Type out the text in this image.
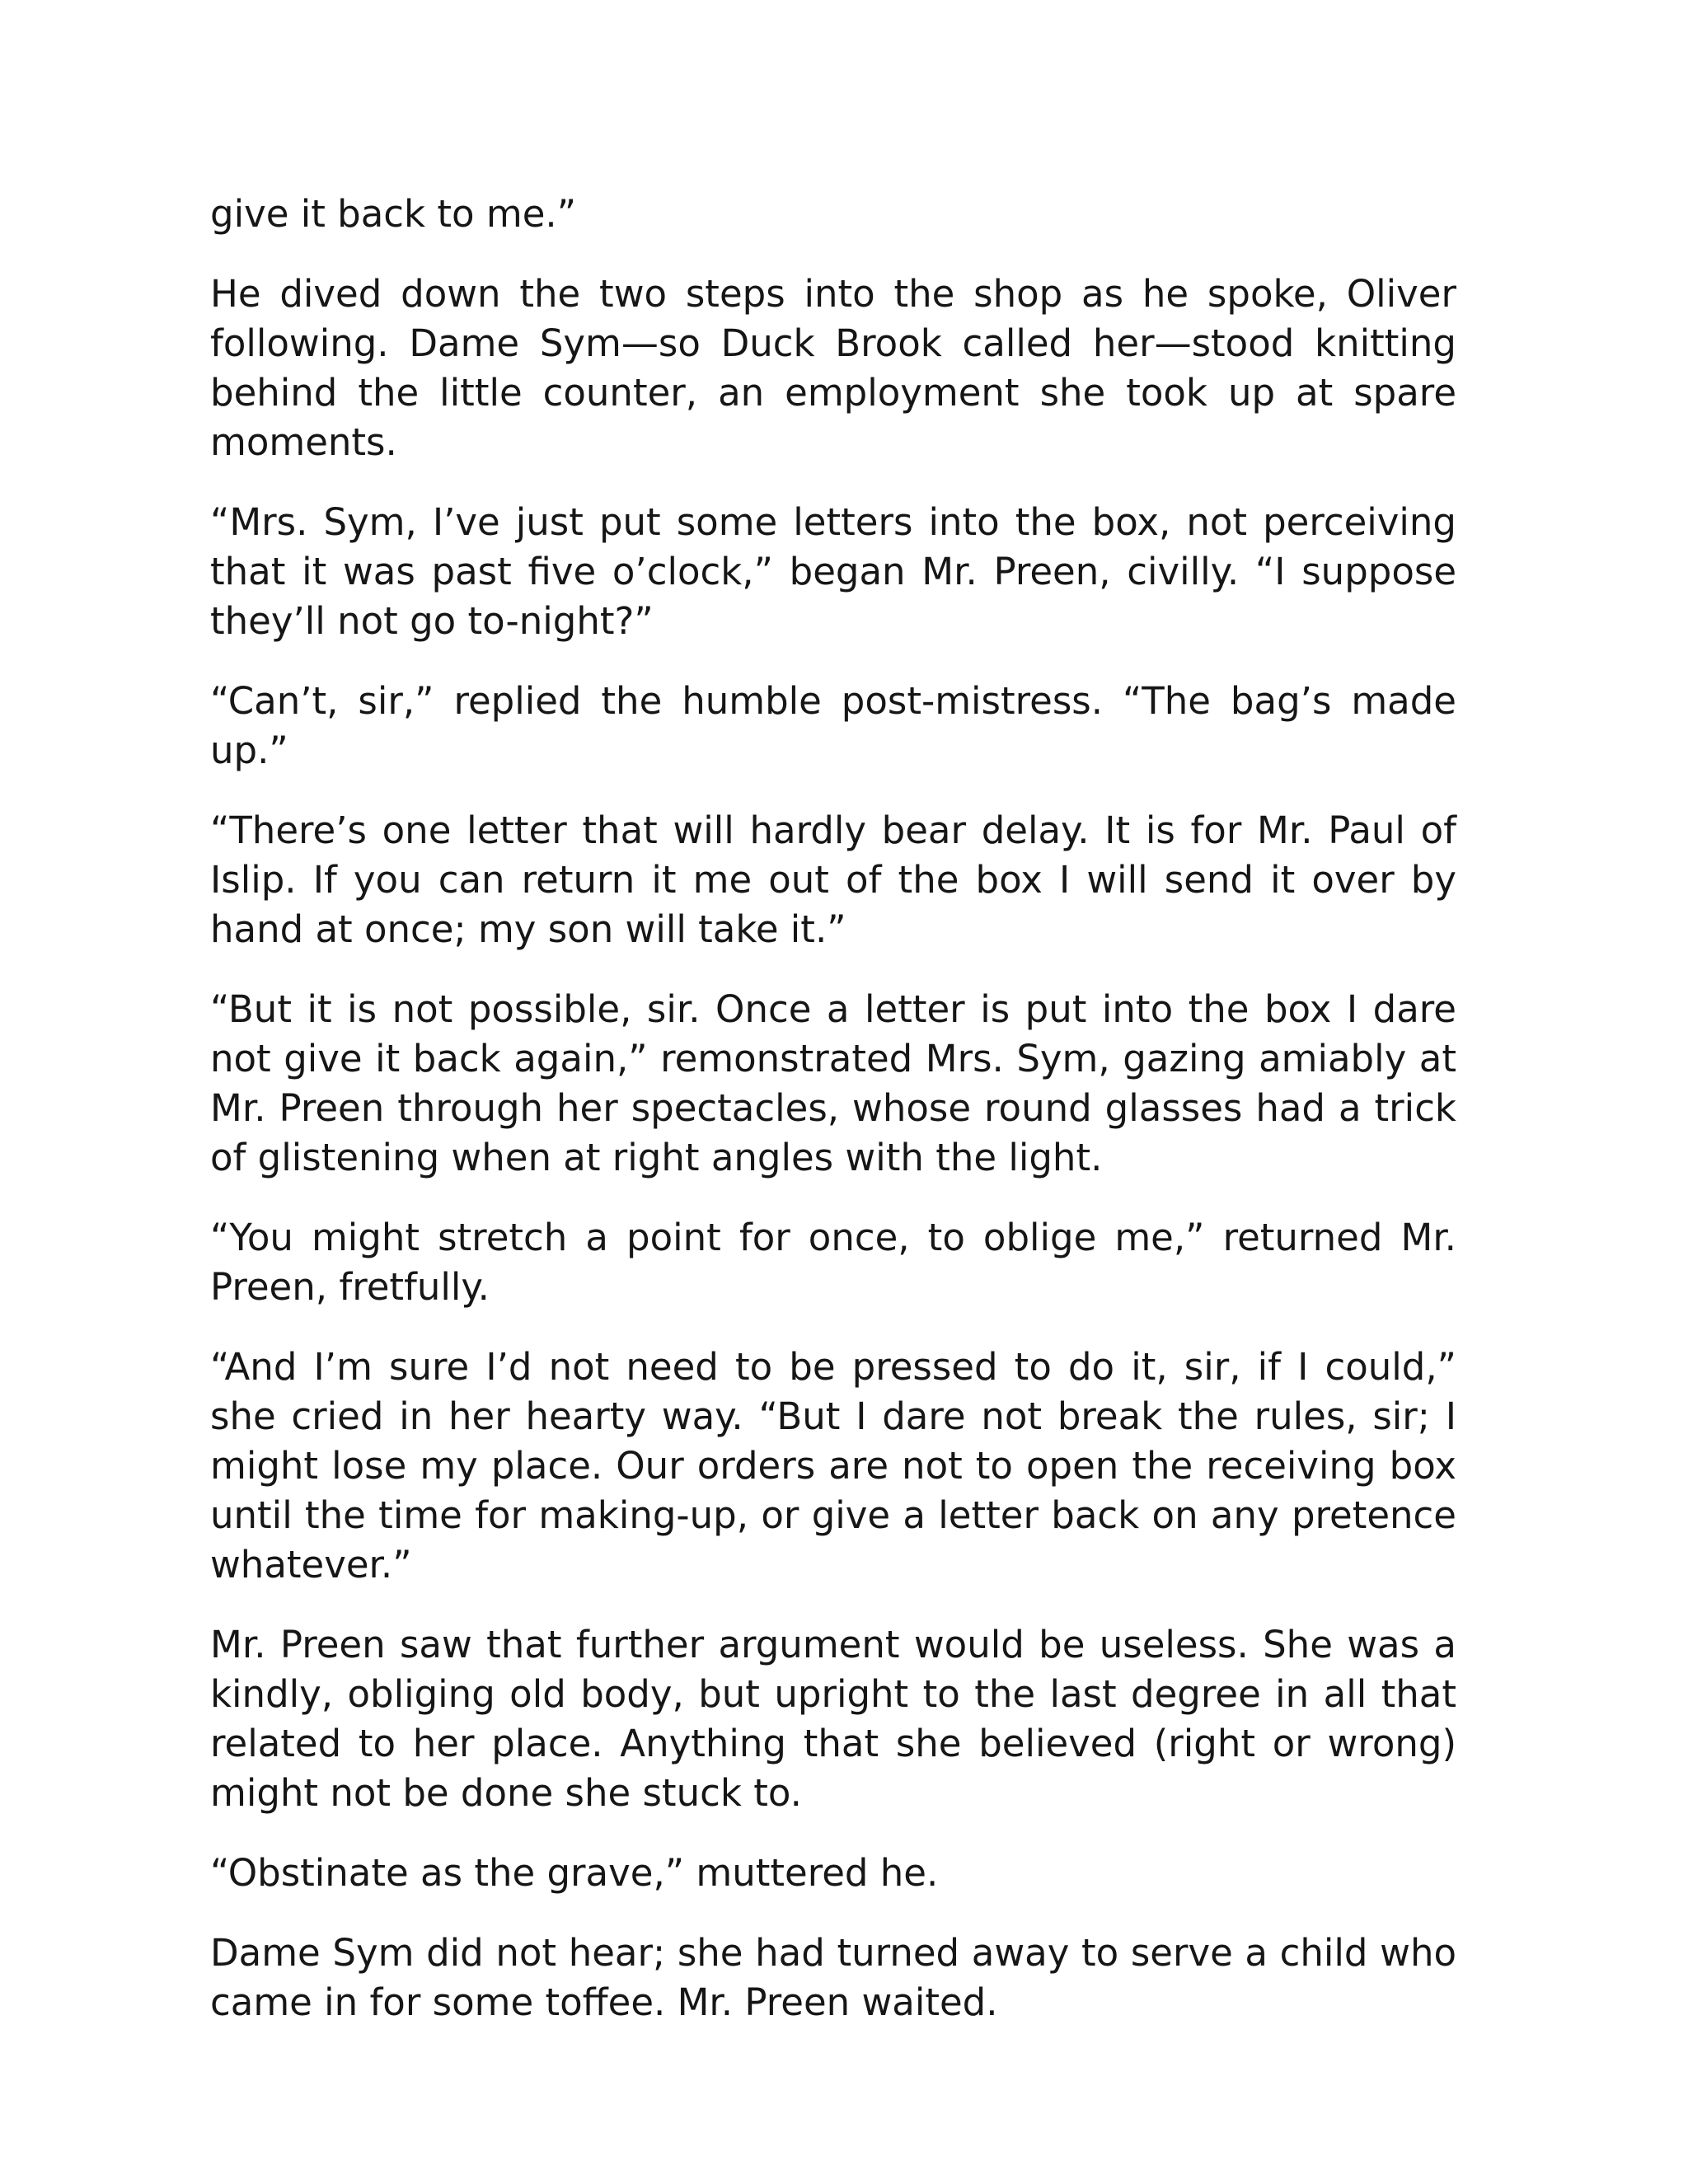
give it back to me.”

He dived down the two steps into the shop as he spoke, Oliver following. Dame Sym—so Duck Brook called her—stood knitting behind the little counter, an employment she took up at spare moments.

“Mrs. Sym, I’ve just put some letters into the box, not perceiving that it was past five o’clock,” began Mr. Preen, civilly. “I suppose they’ll not go to-night?”

“Can’t, sir,” replied the humble post-mistress. “The bag’s made up.”

“There’s one letter that will hardly bear delay. It is for Mr. Paul of Islip. If you can return it me out of the box I will send it over by hand at once; my son will take it.”

“But it is not possible, sir. Once a letter is put into the box I dare not give it back again,” remonstrated Mrs. Sym, gazing amiably at Mr. Preen through her spectacles, whose round glasses had a trick of glistening when at right angles with the light.

“You might stretch a point for once, to oblige me,” returned Mr. Preen, fretfully.

“And I’m sure I’d not need to be pressed to do it, sir, if I could,” she cried in her hearty way. “But I dare not break the rules, sir; I might lose my place. Our orders are not to open the receiving box until the time for making-up, or give a letter back on any pretence whatever.”

Mr. Preen saw that further argument would be useless. She was a kindly, obliging old body, but upright to the last degree in all that related to her place. Anything that she believed (right or wrong) might not be done she stuck to.

“Obstinate as the grave,” muttered he.

Dame Sym did not hear; she had turned away to serve a child who came in for some toffee. Mr. Preen waited.
